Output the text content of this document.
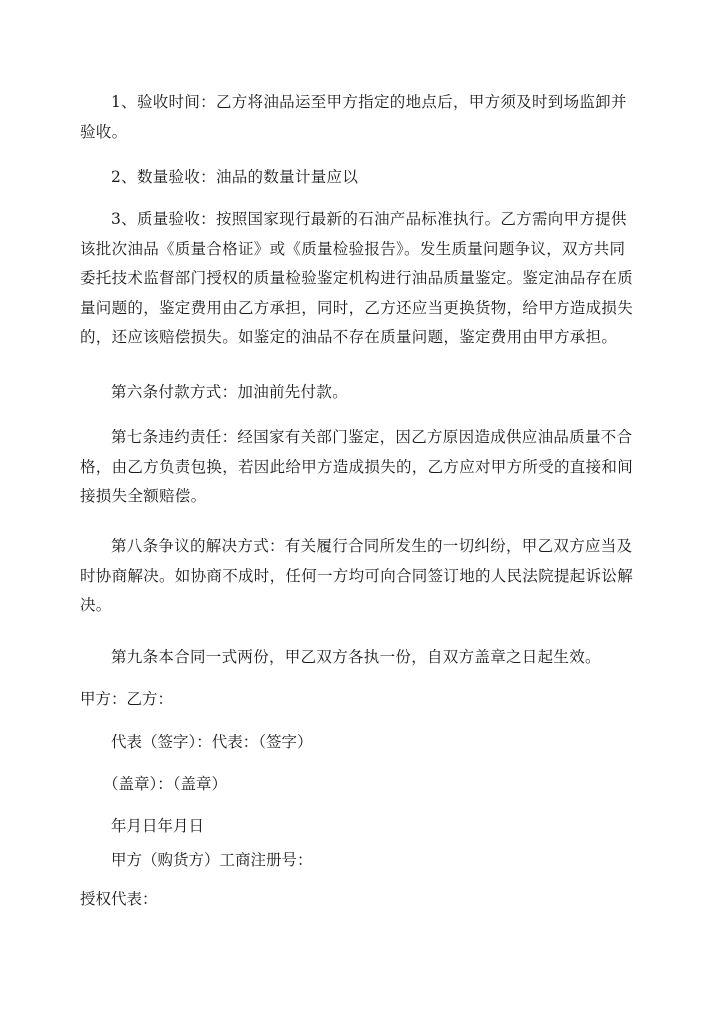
1、验收时间：乙方将油品运至甲方指定的地点后，甲方须及时到场监卸并验收。
2、数量验收：油品的数量计量应以
3、质量验收：按照国家现行最新的石油产品标准执行。乙方需向甲方提供该批次油品《质量合格证》或《质量检验报告》。发生质量问题争议，双方共同委托技术监督部门授权的质量检验鉴定机构进行油品质量鉴定。鉴定油品存在质量问题的，鉴定费用由乙方承担，同时，乙方还应当更换货物，给甲方造成损失的，还应该赔偿损失。如鉴定的油品不存在质量问题，鉴定费用由甲方承担。
第六条付款方式：加油前先付款。
第七条违约责任：经国家有关部门鉴定，因乙方原因造成供应油品质量不合格，由乙方负责包换，若因此给甲方造成损失的，乙方应对甲方所受的直接和间接损失全额赔偿。
第八条争议的解决方式：有关履行合同所发生的一切纠纷，甲乙双方应当及时协商解决。如协商不成时，任何一方均可向合同签订地的人民法院提起诉讼解决。
第九条本合同一式两份，甲乙双方各执一份，自双方盖章之日起生效。
甲方：乙方：
代表（签字）：代表：（签字）
（盖章）：（盖章）
年月日年月日
甲方（购货方）工商注册号：
授权代表：
